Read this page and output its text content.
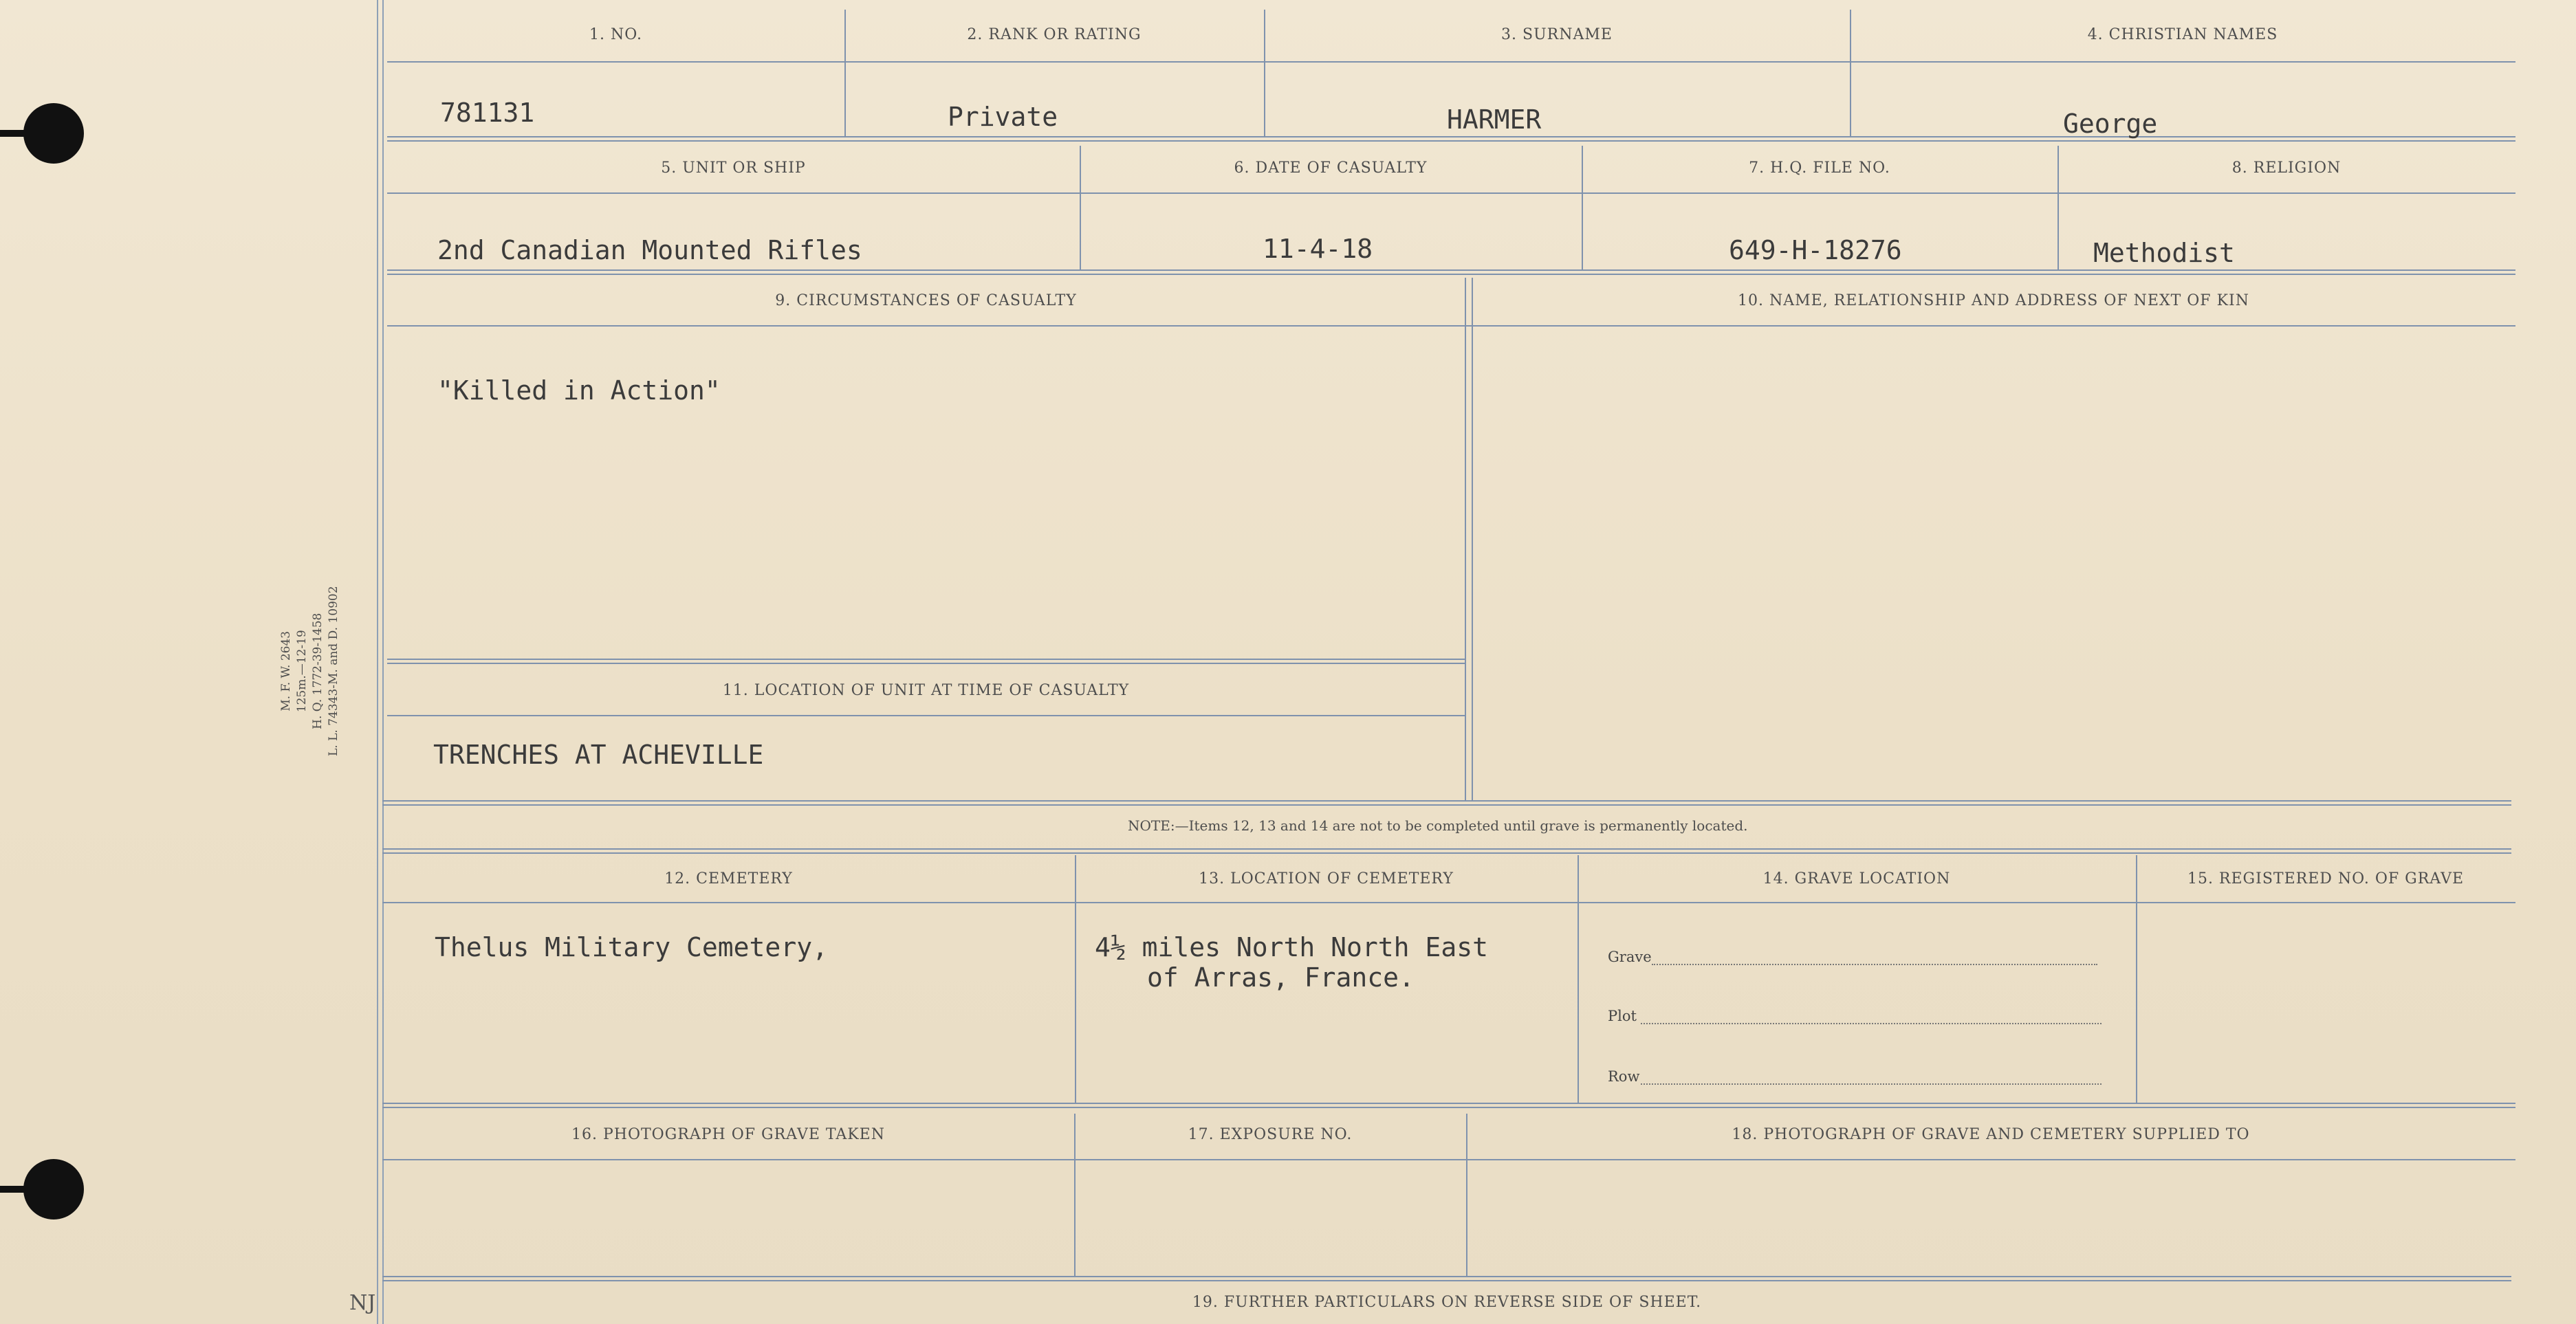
M. F. W. 2643 125m.—12-19 H. Q. 1772-39-1458 L. L. 74343-M. and D. 10902
1. NO.	2. RANK OR RATING	3. SURNAME	4. CHRISTIAN NAMES
781131	Private	HARMER	George
5. UNIT OR SHIP	6. DATE OF CASUALTY	7. H.Q. FILE NO.	8. RELIGION
2nd Canadian Mounted Rifles	11-4-18	649-H-18276	Methodist
9. CIRCUMSTANCES OF CASUALTY	10. NAME, RELATIONSHIP AND ADDRESS OF NEXT OF KIN
"Killed in Action"
11. LOCATION OF UNIT AT TIME OF CASUALTY
TRENCHES AT ACHEVILLE
NOTE:—Items 12, 13 and 14 are not to be completed until grave is permanently located.
12. CEMETERY	13. LOCATION OF CEMETERY	14. GRAVE LOCATION	15. REGISTERED NO. OF GRAVE
Thelus Military Cemetery,	4½ miles North North East
of Arras, France.
Grave
Plot
Row
16. PHOTOGRAPH OF GRAVE TAKEN	17. EXPOSURE NO.	18. PHOTOGRAPH OF GRAVE AND CEMETERY SUPPLIED TO
19. FURTHER PARTICULARS ON REVERSE SIDE OF SHEET.
NJ
